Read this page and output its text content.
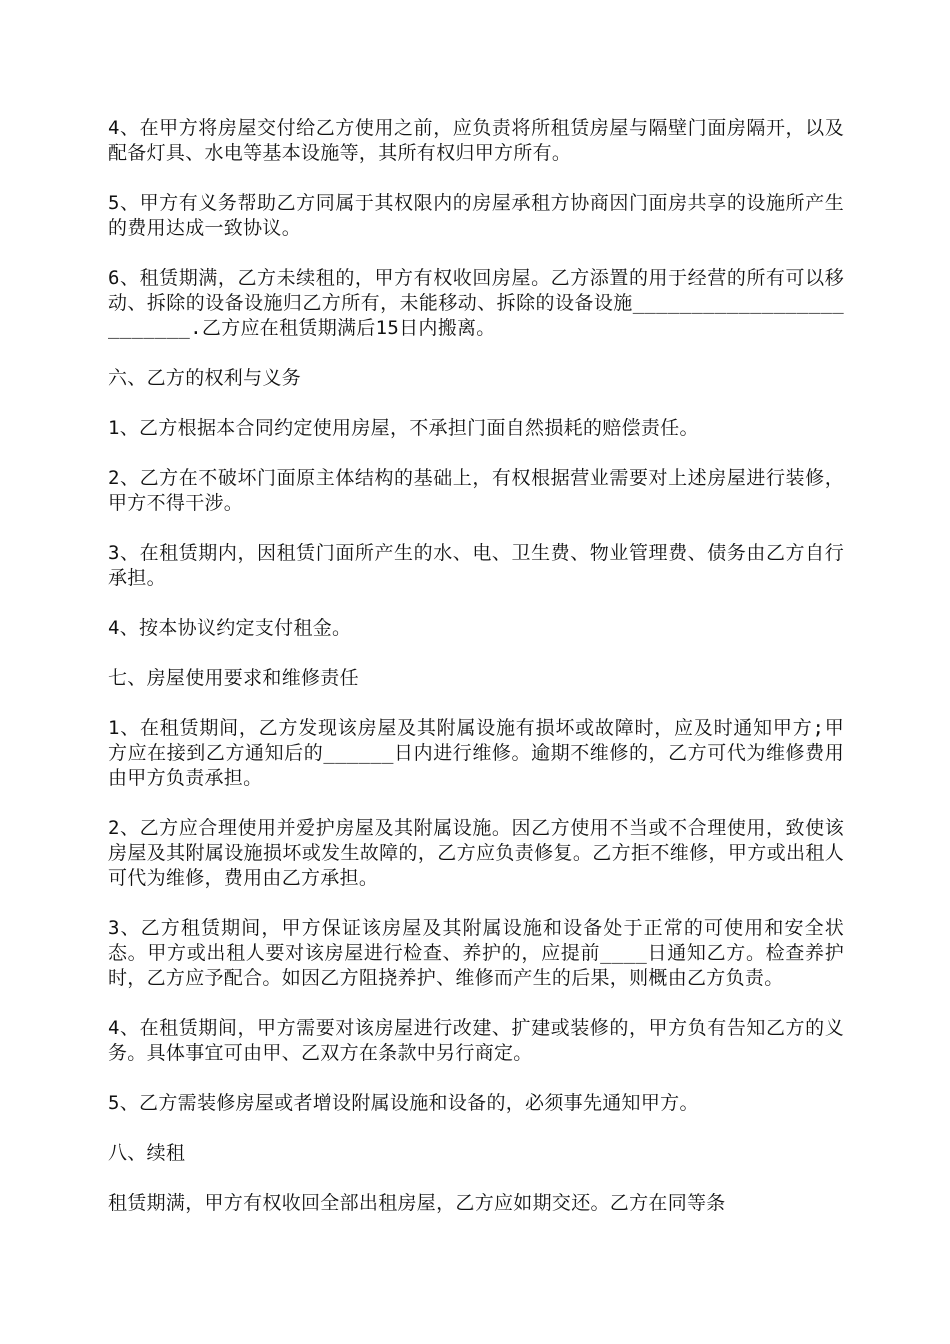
4、在甲方将房屋交付给乙方使用之前，应负责将所租赁房屋与隔壁门面房隔开，以及配备灯具、水电等基本设施等，其所有权归甲方所有。

5、甲方有义务帮助乙方同属于其权限内的房屋承租方协商因门面房共享的设施所产生的费用达成一致协议。

6、租赁期满，乙方未续租的，甲方有权收回房屋。乙方添置的用于经营的所有可以移动、拆除的设备设施归乙方所有，未能移动、拆除的设备设施_________________________.乙方应在租赁期满后15日内搬离。

六、乙方的权利与义务

1、乙方根据本合同约定使用房屋，不承担门面自然损耗的赔偿责任。

2、乙方在不破坏门面原主体结构的基础上，有权根据营业需要对上述房屋进行装修，甲方不得干涉。

3、在租赁期内，因租赁门面所产生的水、电、卫生费、物业管理费、债务由乙方自行承担。

4、按本协议约定支付租金。

七、房屋使用要求和维修责任

1、在租赁期间，乙方发现该房屋及其附属设施有损坏或故障时，应及时通知甲方;甲方应在接到乙方通知后的______日内进行维修。逾期不维修的，乙方可代为维修费用由甲方负责承担。

2、乙方应合理使用并爱护房屋及其附属设施。因乙方使用不当或不合理使用，致使该房屋及其附属设施损坏或发生故障的，乙方应负责修复。乙方拒不维修，甲方或出租人可代为维修，费用由乙方承担。

3、乙方租赁期间，甲方保证该房屋及其附属设施和设备处于正常的可使用和安全状态。甲方或出租人要对该房屋进行检查、养护的，应提前____日通知乙方。检查养护时，乙方应予配合。如因乙方阻挠养护、维修而产生的后果，则概由乙方负责。

4、在租赁期间，甲方需要对该房屋进行改建、扩建或装修的，甲方负有告知乙方的义务。具体事宜可由甲、乙双方在条款中另行商定。

5、乙方需装修房屋或者增设附属设施和设备的，必须事先通知甲方。

八、续租

租赁期满，甲方有权收回全部出租房屋，乙方应如期交还。乙方在同等条
